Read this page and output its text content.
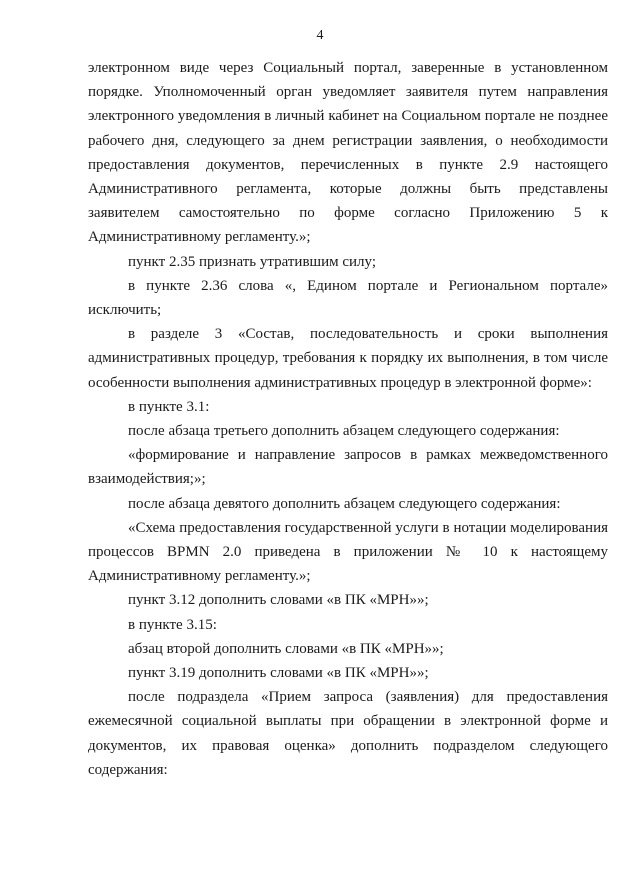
4

электронном виде через Социальный портал, заверенные в установленном порядке. Уполномоченный орган уведомляет заявителя путем направления электронного уведомления в личный кабинет на Социальном портале не позднее рабочего дня, следующего за днем регистрации заявления, о необходимости предоставления документов, перечисленных в пункте 2.9 настоящего Административного регламента, которые должны быть представлены заявителем самостоятельно по форме согласно Приложению 5 к Административному регламенту.»;

пункт 2.35 признать утратившим силу;

в пункте 2.36 слова «, Едином портале и Региональном портале» исключить;

в разделе 3 «Состав, последовательность и сроки выполнения административных процедур, требования к порядку их выполнения, в том числе особенности выполнения административных процедур в электронной форме»:

в пункте 3.1:

после абзаца третьего дополнить абзацем следующего содержания:

«формирование и направление запросов в рамках межведомственного взаимодействия;»;

после абзаца девятого дополнить абзацем следующего содержания:

«Схема предоставления государственной услуги в нотации моделирования процессов BPMN 2.0 приведена в приложении № 10 к настоящему Административному регламенту.»;

пункт 3.12 дополнить словами «в ПК «МРН»»;

в пункте 3.15:

абзац второй дополнить словами «в ПК «МРН»»;

пункт 3.19 дополнить словами «в ПК «МРН»»;

после подраздела «Прием запроса (заявления) для предоставления ежемесячной социальной выплаты при обращении в электронной форме и документов, их правовая оценка» дополнить подразделом следующего содержания:
